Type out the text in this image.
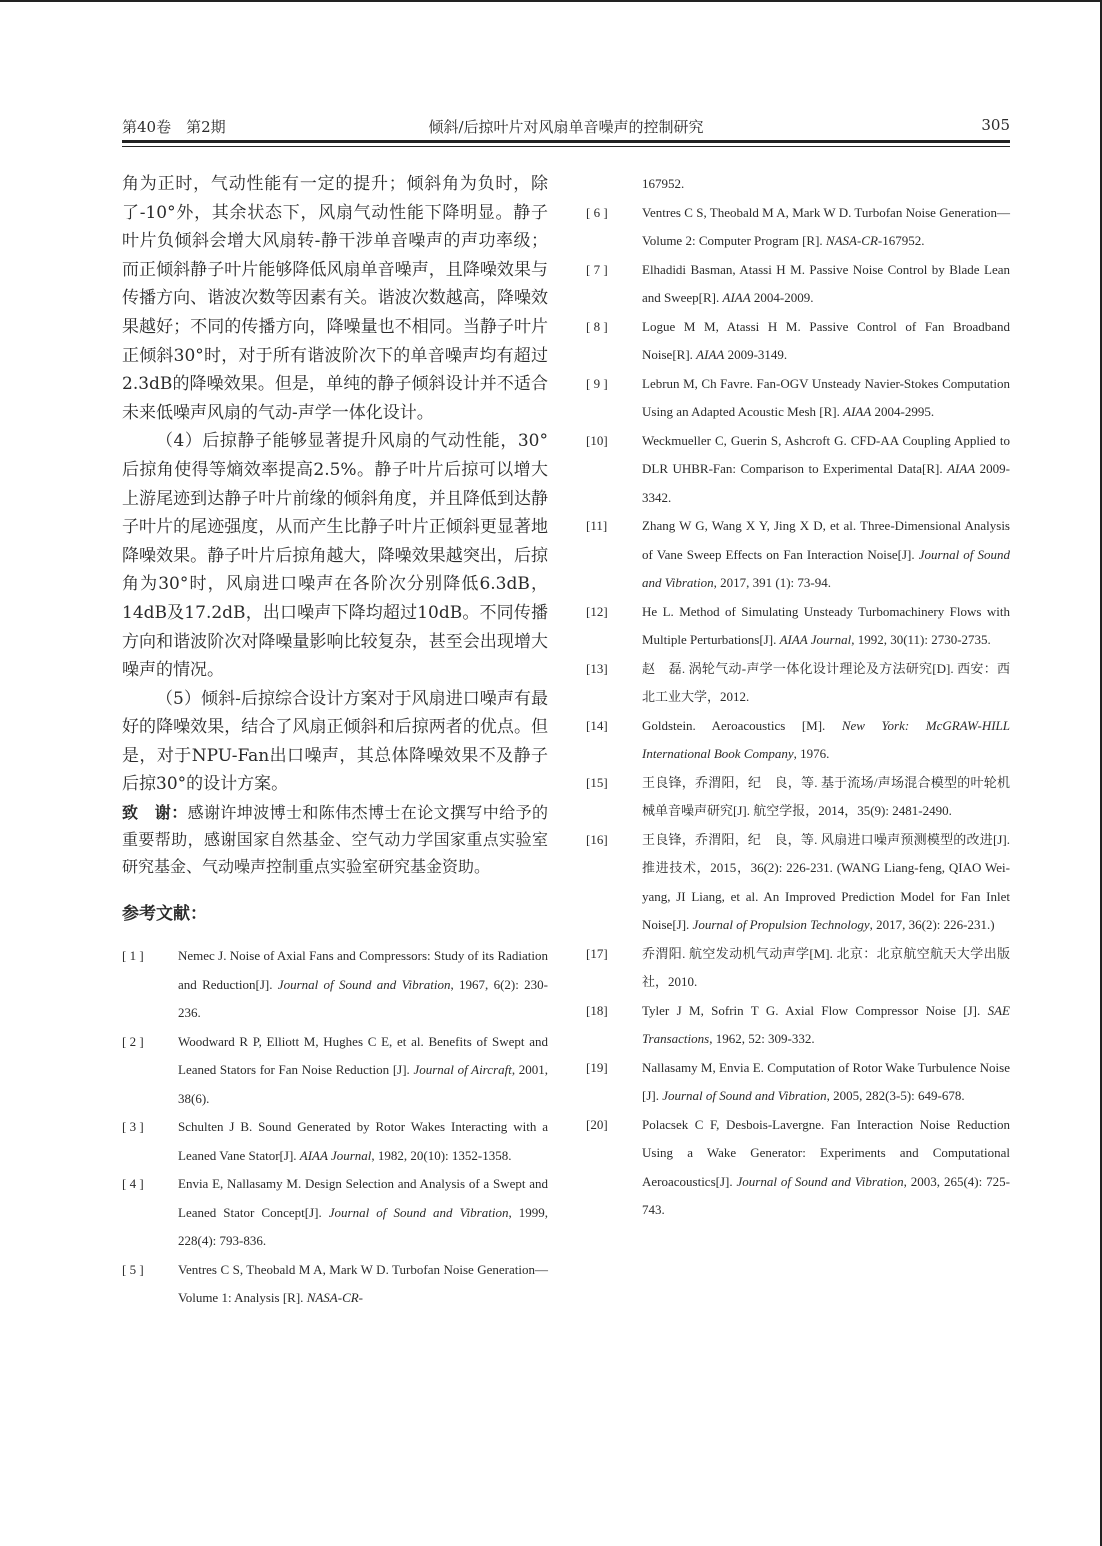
第40卷　第2期	倾斜/后掠叶片对风扇单音噪声的控制研究	305

角为正时，气动性能有一定的提升；倾斜角为负时，除了-10°外，其余状态下，风扇气动性能下降明显。静子叶片负倾斜会增大风扇转-静干涉单音噪声的声功率级；而正倾斜静子叶片能够降低风扇单音噪声，且降噪效果与传播方向、谐波次数等因素有关。谐波次数越高，降噪效果越好；不同的传播方向，降噪量也不相同。当静子叶片正倾斜30°时，对于所有谐波阶次下的单音噪声均有超过2.3dB的降噪效果。但是，单纯的静子倾斜设计并不适合未来低噪声风扇的气动-声学一体化设计。

（4）后掠静子能够显著提升风扇的气动性能，30°后掠角使得等熵效率提高2.5%。静子叶片后掠可以增大上游尾迹到达静子叶片前缘的倾斜角度，并且降低到达静子叶片的尾迹强度，从而产生比静子叶片正倾斜更显著地降噪效果。静子叶片后掠角越大，降噪效果越突出，后掠角为30°时，风扇进口噪声在各阶次分别降低6.3dB，14dB及17.2dB，出口噪声下降均超过10dB。不同传播方向和谐波阶次对降噪量影响比较复杂，甚至会出现增大噪声的情况。

（5）倾斜-后掠综合设计方案对于风扇进口噪声有最好的降噪效果，结合了风扇正倾斜和后掠两者的优点。但是，对于NPU-Fan出口噪声，其总体降噪效果不及静子后掠30°的设计方案。

致　谢：感谢许坤波博士和陈伟杰博士在论文撰写中给予的重要帮助，感谢国家自然基金、空气动力学国家重点实验室研究基金、气动噪声控制重点实验室研究基金资助。

参考文献：
[ 1 ]	Nemec J. Noise of Axial Fans and Compressors: Study of its Radiation and Reduction[J]. Journal of Sound and Vibration, 1967, 6(2): 230-236.
[ 2 ]	Woodward R P, Elliott M, Hughes C E, et al. Benefits of Swept and Leaned Stators for Fan Noise Reduction [J]. Journal of Aircraft, 2001, 38(6).
[ 3 ]	Schulten J B. Sound Generated by Rotor Wakes Interacting with a Leaned Vane Stator[J]. AIAA Journal, 1982, 20(10): 1352-1358.
[ 4 ]	Envia E, Nallasamy M. Design Selection and Analysis of a Swept and Leaned Stator Concept[J]. Journal of Sound and Vibration, 1999, 228(4): 793-836.
[ 5 ]	Ventres C S, Theobald M A, Mark W D. Turbofan Noise Generation—Volume 1: Analysis [R]. NASA-CR-

167952.

[ 6 ]	Ventres C S, Theobald M A, Mark W D. Turbofan Noise Generation—Volume 2: Computer Program [R]. NASA-CR-167952.
[ 7 ]	Elhadidi Basman, Atassi H M. Passive Noise Control by Blade Lean and Sweep[R]. AIAA 2004-2009.
[ 8 ]	Logue M M, Atassi H M. Passive Control of Fan Broadband Noise[R]. AIAA 2009-3149.
[ 9 ]	Lebrun M, Ch Favre. Fan-OGV Unsteady Navier-Stokes Computation Using an Adapted Acoustic Mesh [R]. AIAA 2004-2995.
[10]	Weckmueller C, Guerin S, Ashcroft G. CFD-AA Coupling Applied to DLR UHBR-Fan: Comparison to Experimental Data[R]. AIAA 2009-3342.
[11]	Zhang W G, Wang X Y, Jing X D, et al. Three-Dimensional Analysis of Vane Sweep Effects on Fan Interaction Noise[J]. Journal of Sound and Vibration, 2017, 391 (1): 73-94.
[12]	He L. Method of Simulating Unsteady Turbomachinery Flows with Multiple Perturbations[J]. AIAA Journal, 1992, 30(11): 2730-2735.
[13]	赵　磊. 涡轮气动-声学一体化设计理论及方法研究[D]. 西安：西北工业大学，2012.
[14]	Goldstein. Aeroacoustics [M]. New York: McGRAW-HILL International Book Company, 1976.
[15]	王良锋，乔渭阳，纪　良，等. 基于流场/声场混合模型的叶轮机械单音噪声研究[J]. 航空学报，2014，35(9): 2481-2490.
[16]	王良锋，乔渭阳，纪　良，等. 风扇进口噪声预测模型的改进[J]. 推进技术，2015，36(2): 226-231. (WANG Liang-feng, QIAO Wei-yang, JI Liang, et al. An Improved Prediction Model for Fan Inlet Noise[J]. Journal of Propulsion Technology, 2017, 36(2): 226-231.)
[17]	乔渭阳. 航空发动机气动声学[M]. 北京：北京航空航天大学出版社，2010.
[18]	Tyler J M, Sofrin T G. Axial Flow Compressor Noise [J]. SAE Transactions, 1962, 52: 309-332.
[19]	Nallasamy M, Envia E. Computation of Rotor Wake Turbulence Noise [J]. Journal of Sound and Vibration, 2005, 282(3-5): 649-678.
[20]	Polacsek C F, Desbois-Lavergne. Fan Interaction Noise Reduction Using a Wake Generator: Experiments and Computational Aeroacoustics[J]. Journal of Sound and Vibration, 2003, 265(4): 725-743.
